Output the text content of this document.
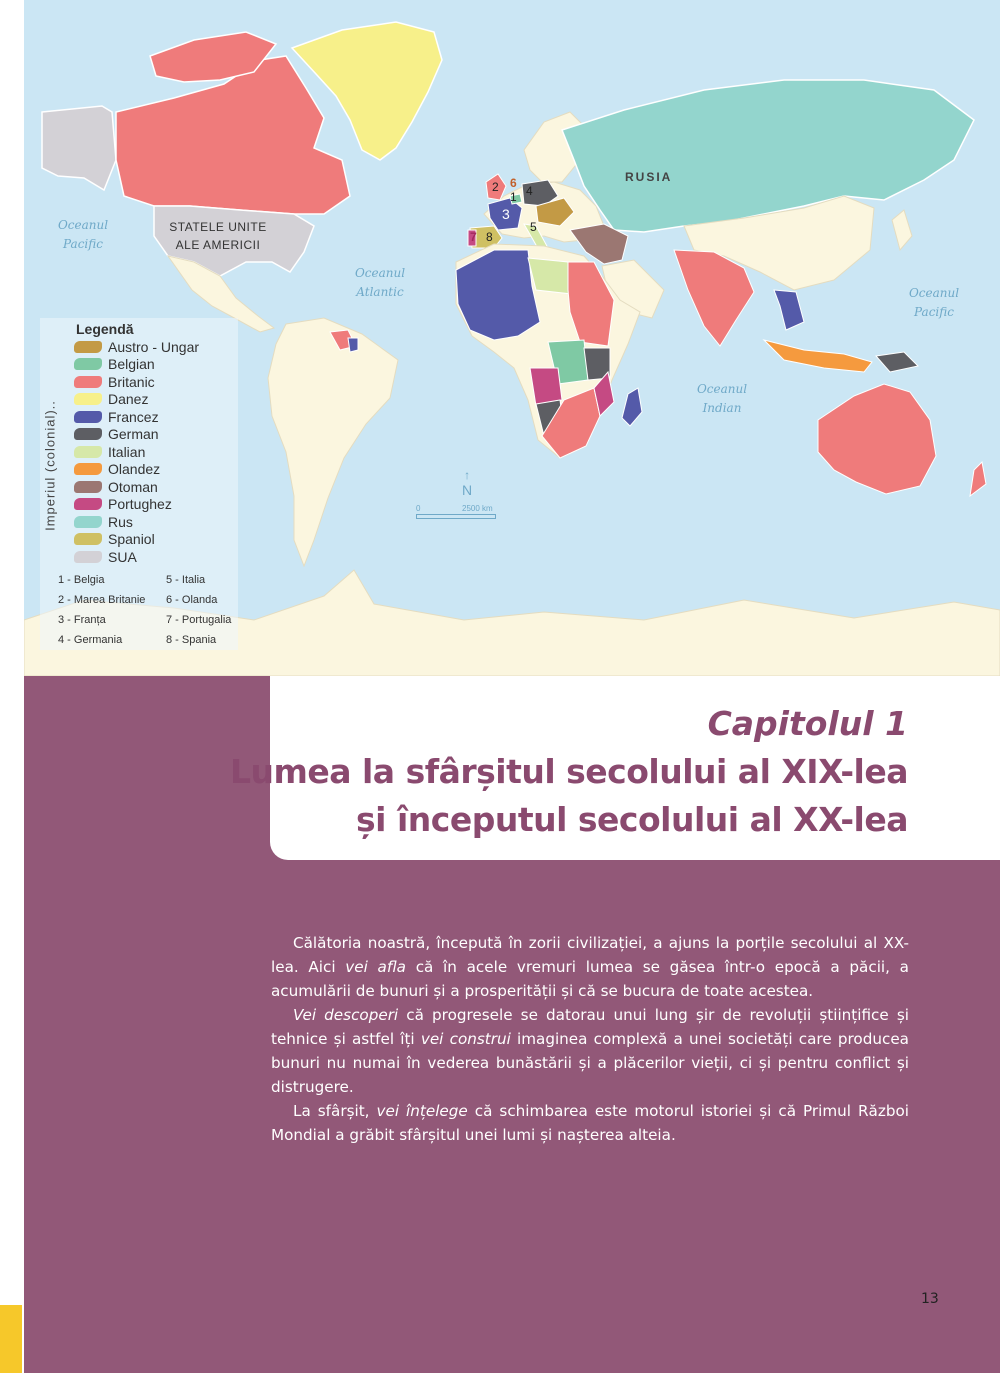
Oceanul
Pacific
Oceanul
Atlantic
Oceanul
Indian
Oceanul
Pacific
STATELE UNITE
ALE AMERICII
RUSIA
2 6
1 4
3
5
7 8
↑
N
0	2500 km
Imperiul (colonial)..
Legendă
Austro - Ungar
Belgian
Britanic
Danez
Francez
German
Italian
Olandez
Otoman
Portughez
Rus
Spaniol
SUA
1 - Belgia
2 - Marea Britanie
3 - Franța
4 - Germania
5 - Italia
6 - Olanda
7 - Portugalia
8 - Spania
Capitolul 1
Lumea la sfârșitul secolului al XIX-lea
și începutul secolului al XX-lea

Călătoria noastră, începută în zorii civilizației, a ajuns la porțile secolului al XX-lea. Aici vei afla că în acele vremuri lumea se găsea într-o epocă a păcii, a acumulării de bunuri și a prosperității și că se bucura de toate acestea.

Vei descoperi că progresele se datorau unui lung șir de revoluții științifice și tehnice și astfel îți vei construi imaginea complexă a unei societăți care producea bunuri nu numai în vederea bunăstării și a plăcerilor vieții, ci și pentru conflict și distrugere.

La sfârșit, vei înțelege că schimbarea este motorul istoriei și că Primul Război Mondial a grăbit sfârșitul unei lumi și nașterea alteia.

13
